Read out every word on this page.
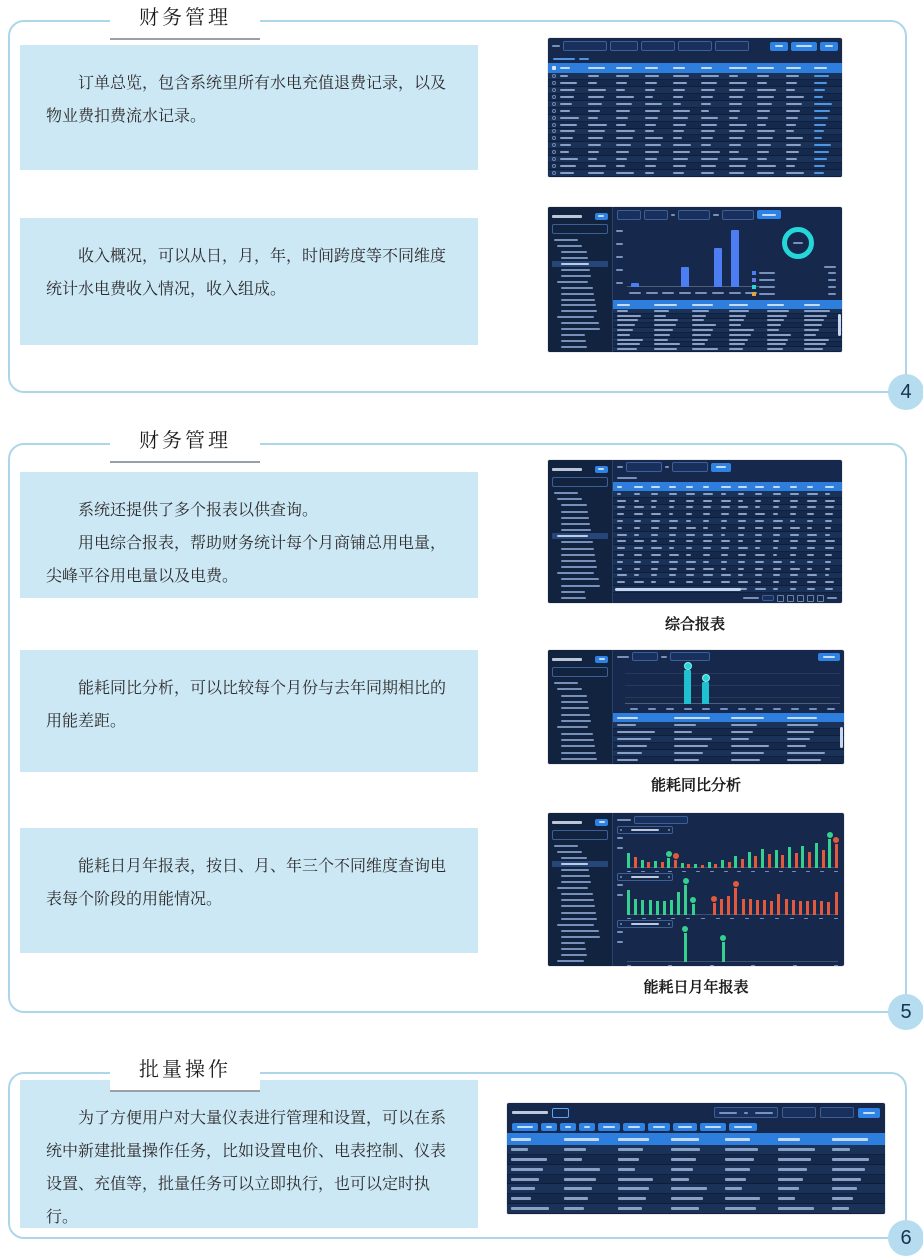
财务管理

订单总览，包含系统里所有水电充值退费记录，以及物业费扣费流水记录。

收入概况，可以从日，月，年，时间跨度等不同维度统计水电费收入情况，收入组成。

4
财务管理

系统还提供了多个报表以供查询。

用电综合报表，帮助财务统计每个月商铺总用电量，尖峰平谷用电量以及电费。

能耗同比分析，可以比较每个月份与去年同期相比的用能差距。

能耗日月年报表，按日、月、年三个不同维度查询电表每个阶段的用能情况。

综合报表
能耗同比分析
能耗日月年报表
5
批量操作

为了方便用户对大量仪表进行管理和设置，可以在系统中新建批量操作任务，比如设置电价、电表控制、仪表设置、充值等，批量任务可以立即执行，也可以定时执行。

6
